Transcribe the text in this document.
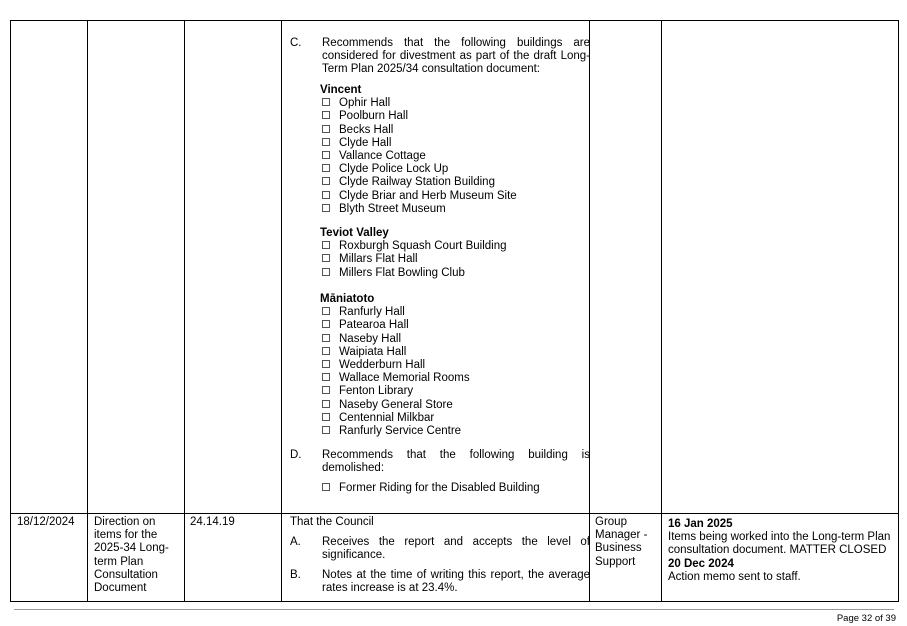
C. Recommends that the following buildings are considered for divestment as part of the draft Long-Term Plan 2025/34 consultation document:
Vincent
Ophir Hall
Poolburn Hall
Becks Hall
Clyde Hall
Vallance Cottage
Clyde Police Lock Up
Clyde Railway Station Building
Clyde Briar and Herb Museum Site
Blyth Street Museum
Teviot Valley
Roxburgh Squash Court Building
Millars Flat Hall
Millers Flat Bowling Club
Māniatoto
Ranfurly Hall
Patearoa Hall
Naseby Hall
Waipiata Hall
Wedderburn Hall
Wallace Memorial Rooms
Fenton Library
Naseby General Store
Centennial Milkbar
Ranfurly Service Centre
D. Recommends that the following building is demolished:
Former Riding for the Disabled Building
18/12/2024 Direction on items for the 2025-34 Long-term Plan Consultation Document
24.14.19	That the Council
A. Receives the report and accepts the level of significance.
B. Notes at the time of writing this report, the average rates increase is at 23.4%.
Group Manager - Business Support
16 Jan 2025
Items being worked into the Long-term Plan consultation document. MATTER CLOSED
20 Dec 2024
Action memo sent to staff.
Page 32 of 39
